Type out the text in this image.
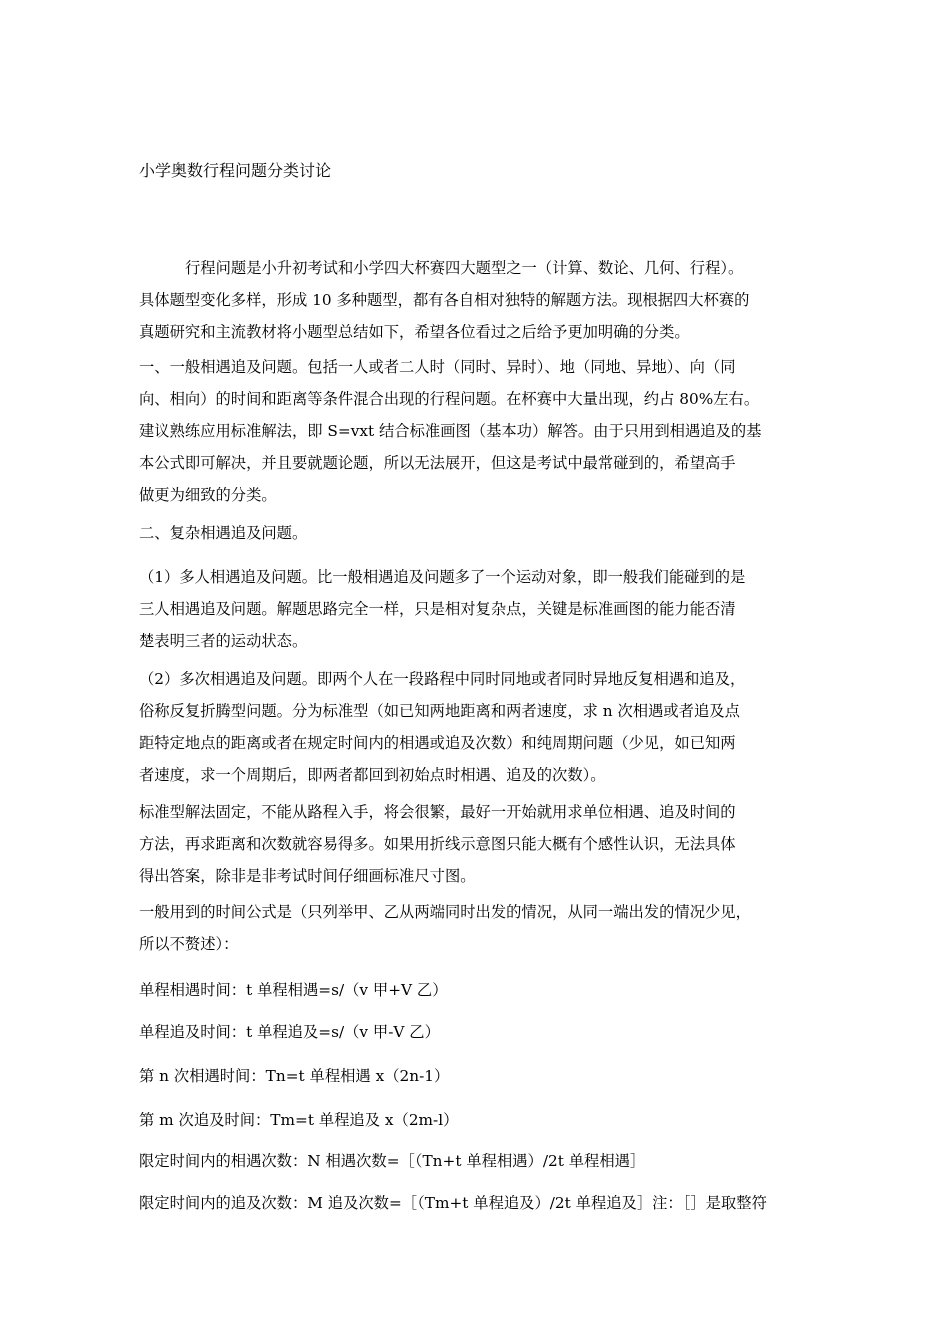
小学奥数行程问题分类讨论
行程问题是小升初考试和小学四大杯赛四大题型之一（计算、数论、几何、行程）。
具体题型变化多样，形成 10 多种题型，都有各自相对独特的解题方法。现根据四大杯赛的
真题研究和主流教材将小题型总结如下，希望各位看过之后给予更加明确的分类。
一、一般相遇追及问题。包括一人或者二人时（同时、异时）、地（同地、异地）、向（同
向、相向）的时间和距离等条件混合出现的行程问题。在杯赛中大量出现，约占 80%左右。
建议熟练应用标准解法，即 S=vxt 结合标准画图（基本功）解答。由于只用到相遇追及的基
本公式即可解决，并且要就题论题，所以无法展开，但这是考试中最常碰到的，希望高手
做更为细致的分类。
二、复杂相遇追及问题。
（1）多人相遇追及问题。比一般相遇追及问题多了一个运动对象，即一般我们能碰到的是
三人相遇追及问题。解题思路完全一样，只是相对复杂点，关键是标准画图的能力能否清
楚表明三者的运动状态。
（2）多次相遇追及问题。即两个人在一段路程中同时同地或者同时异地反复相遇和追及，
俗称反复折腾型问题。分为标准型（如已知两地距离和两者速度，求 n 次相遇或者追及点
距特定地点的距离或者在规定时间内的相遇或追及次数）和纯周期问题（少见，如已知两
者速度，求一个周期后，即两者都回到初始点时相遇、追及的次数）。
标准型解法固定，不能从路程入手，将会很繁，最好一开始就用求单位相遇、追及时间的
方法，再求距离和次数就容易得多。如果用折线示意图只能大概有个感性认识，无法具体
得出答案，除非是非考试时间仔细画标准尺寸图。
一般用到的时间公式是（只列举甲、乙从两端同时出发的情况，从同一端出发的情况少见，
所以不赘述）：
单程相遇时间：t 单程相遇=s/（v 甲+V 乙）
单程追及时间：t 单程追及=s/（v 甲-V 乙）
第 n 次相遇时间：Tn=t 单程相遇 x（2n-1）
第 m 次追及时间：Tm=t 单程追及 x（2m-l）
限定时间内的相遇次数：N 相遇次数=［（Tn+t 单程相遇）/2t 单程相遇］
限定时间内的追及次数：M 追及次数=［（Tm+t 单程追及）/2t 单程追及］注：［］是取整符
